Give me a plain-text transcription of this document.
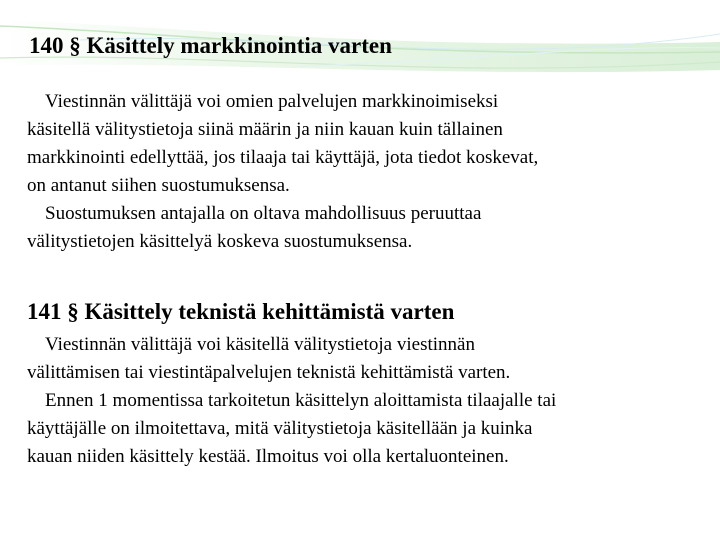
140 § Käsittely markkinointia varten

Viestinnän välittäjä voi omien palvelujen markkinoimiseksi
käsitellä välitystietoja siinä määrin ja niin kauan kuin tällainen
markkinointi edellyttää, jos tilaaja tai käyttäjä, jota tiedot koskevat,
on antanut siihen suostumuksensa.

Suostumuksen antajalla on oltava mahdollisuus peruuttaa
välitystietojen käsittelyä koskeva suostumuksensa.

141 § Käsittely teknistä kehittämistä varten

Viestinnän välittäjä voi käsitellä välitystietoja viestinnän
välittämisen tai viestintäpalvelujen teknistä kehittämistä varten.

Ennen 1 momentissa tarkoitetun käsittelyn aloittamista tilaajalle tai
käyttäjälle on ilmoitettava, mitä välitystietoja käsitellään ja kuinka
kauan niiden käsittely kestää. Ilmoitus voi olla kertaluonteinen.
